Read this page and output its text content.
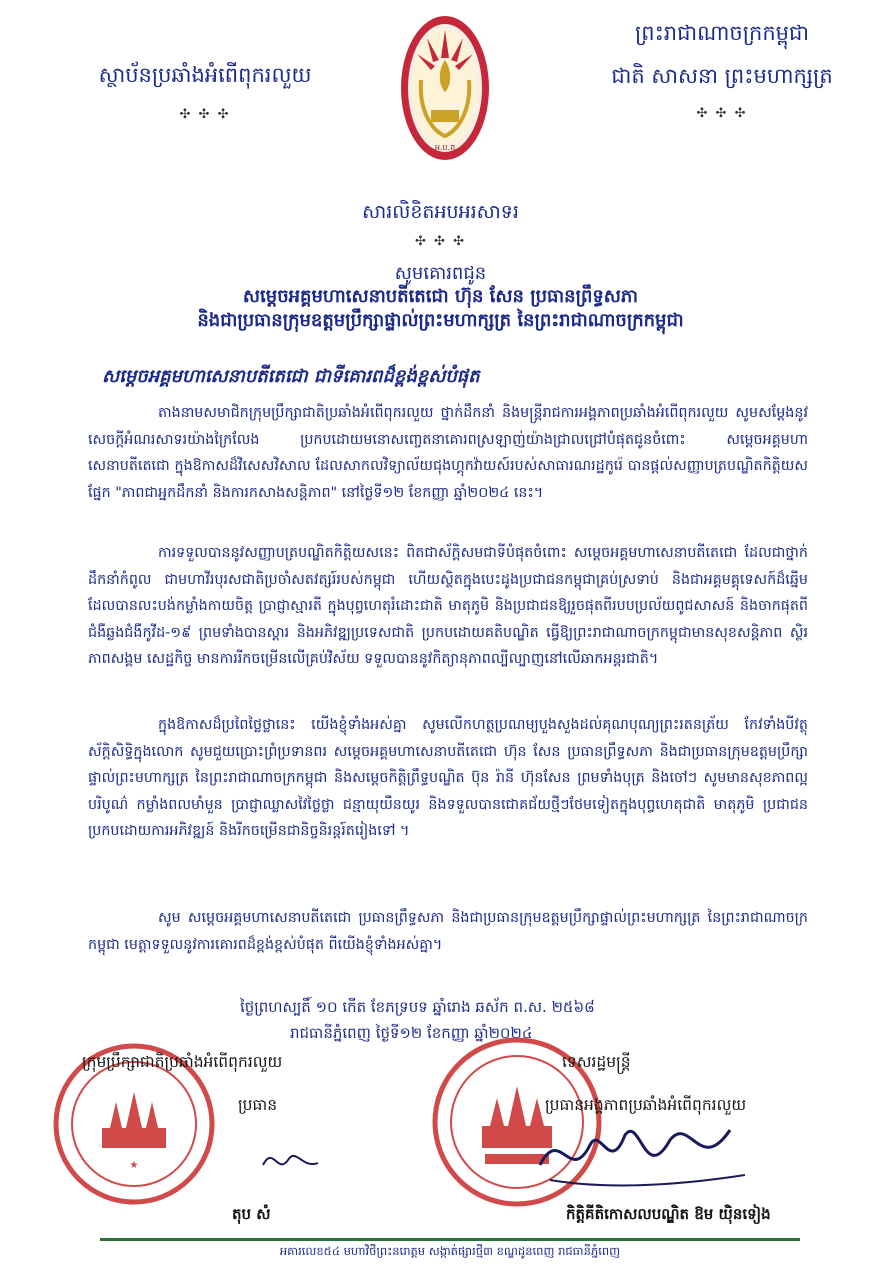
ស្ថាប័នប្រឆាំងអំពើពុករលួយ
✣ ✣ ✣
ព្រះរាជាណាចក្រកម្ពុជា
ជាតិ សាសនា ព្រះមហាក្សត្រ
✣ ✣ ✣
អ.ប.ព
សារលិខិតអបអរសាទរ
✣ ✣ ✣
សូមគោរពជូន
សម្តេចអគ្គមហាសេនាបតីតេជោ ហ៊ុន សែន ប្រធានព្រឹទ្ធសភា
និងជាប្រធានក្រុមឧត្តមប្រឹក្សាផ្ទាល់ព្រះមហាក្សត្រ នៃព្រះរាជាណាចក្រកម្ពុជា
សម្តេចអគ្គមហាសេនាបតីតេជោ ជាទីគោរពដ៏ខ្ពង់ខ្ពស់បំផុត
តាងនាមសមាជិកក្រុមប្រឹក្សាជាតិប្រឆាំងអំពើពុករលួយ ថ្នាក់ដឹកនាំ និងមន្ត្រីរាជការអង្គភាពប្រឆាំងអំពើពុករលួយ សូមសម្តែងនូវសេចក្តីអំណរសាទរយ៉ាងក្រៃលែង ប្រកបដោយមនោសញ្ចេតនាគោរពស្រឡាញ់យ៉ាងជ្រាលជ្រៅបំផុតជូនចំពោះ សម្តេចអគ្គមហាសេនាបតីតេជោ ក្នុងឱកាសដ៏វិសេសវិសាល ដែលសាកលវិទ្យាល័យជុងហ្គុកវ៉ាយស៍របស់សាធារណរដ្ឋកូរ៉េ បានផ្តល់សញ្ញាបត្របណ្ឌិតកិត្តិយសផ្នែក "ភាពជាអ្នកដឹកនាំ និងការកសាងសន្តិភាព" នៅថ្ងៃទី១២ ខែកញ្ញា ឆ្នាំ២០២៤ នេះ។
ការទទួលបាននូវសញ្ញាបត្របណ្ឌិតកិត្តិយសនេះ ពិតជាស័ក្តិសមជាទីបំផុតចំពោះ សម្តេចអគ្គមហាសេនាបតីតេជោ ដែលជាថ្នាក់ដឹកនាំកំពូល ជាមហាវីរបុរសជាតិប្រចាំសតវត្សរ៍របស់កម្ពុជា ហើយស្ថិតក្នុងបេះដូងប្រជាជនកម្ពុជាគ្រប់ស្រទាប់ និងជាអគ្គមគ្គុទេសក៍ដ៏ឆ្នើម ដែលបានលះបង់កម្លាំងកាយចិត្ត ប្រាជ្ញាស្មារតី ក្នុងបុព្វហេតុរំដោះជាតិ មាតុភូមិ និងប្រជាជនឱ្យរួចផុតពីរបបប្រល័យពូជសាសន៍ និងចាកផុតពីជំងឺឆ្លងជំងឺកូវីដ-១៩ ព្រមទាំងបានស្តារ និងអភិវឌ្ឍប្រទេសជាតិ ប្រកបដោយគតិបណ្ឌិត ធ្វើឱ្យព្រះរាជាណាចក្រកម្ពុជាមានសុខសន្តិភាព ស្ថិរភាពសង្គម សេដ្ឋកិច្ច មានការរីកចម្រើនលើគ្រប់វិស័យ ទទួលបាននូវកិត្យានុភាពល្បីល្បាញនៅលើឆាកអន្តរជាតិ។
ក្នុងឱកាសដ៏ប្រពៃថ្លៃថ្លានេះ យើងខ្ញុំទាំងអស់គ្នា សូមលើកហត្ថប្រណម្យបួងសួងដល់គុណបុណ្យព្រះរតនត្រ័យ កែវទាំងបីវត្ថុស័ក្តិសិទ្ធិក្នុងលោក សូមជួយប្រោះព្រំប្រទានពរ សម្តេចអគ្គមហាសេនាបតីតេជោ ហ៊ុន សែន ប្រធានព្រឹទ្ធសភា និងជាប្រធានក្រុមឧត្តមប្រឹក្សាផ្ទាល់ព្រះមហាក្សត្រ នៃព្រះរាជាណាចក្រកម្ពុជា និងសម្តេចកិត្តិព្រឹទ្ធបណ្ឌិត ប៊ុន រ៉ានី ហ៊ុនសែន ព្រមទាំងបុត្រ និងចៅៗ សូមមានសុខភាពល្អបរិបូណ៌ កម្លាំងពលមាំមួន ប្រាជ្ញាឈ្លាសវៃថ្លៃថ្លា ជន្មាយុយឺនយូរ និងទទួលបានជោគជ័យថ្មីៗថែមទៀតក្នុងបុព្វហេតុជាតិ មាតុភូមិ ប្រជាជន ប្រកបដោយការអភិវឌ្ឍន៍ និងរីកចម្រើនជានិច្ចនិរន្តរ៍តរៀងទៅ ។
សូម សម្តេចអគ្គមហាសេនាបតីតេជោ ប្រធានព្រឹទ្ធសភា និងជាប្រធានក្រុមឧត្តមប្រឹក្សាផ្ទាល់ព្រះមហាក្សត្រ នៃព្រះរាជាណាចក្រកម្ពុជា មេត្តាទទួលនូវការគោរពដ៏ខ្ពង់ខ្ពស់បំផុត ពីយើងខ្ញុំទាំងអស់គ្នា។
ថ្ងៃព្រហស្បតិ៍ ១០ កើត ខែភទ្របទ ឆ្នាំរោង ឆស័ក ព.ស. ២៥៦៨
រាជធានីភ្នំពេញ ថ្ងៃទី១២ ខែកញ្ញា ឆ្នាំ២០២៤
★
ក្រុមប្រឹក្សាជាតិប្រឆាំងអំពើពុករលួយ
ប្រធាន
តុប សំ
ទេសរដ្ឋមន្ត្រី
ប្រធានអង្គភាពប្រឆាំងអំពើពុករលួយ
កិត្តិគីតិកោសលបណ្ឌិត ឱម យ៉ិនទៀង
អគារលេខ៥៤ មហាវិថីព្រះនរោត្តម សង្កាត់ផ្សារថ្មី៣ ខណ្ឌដូនពេញ រាជធានីភ្នំពេញ
